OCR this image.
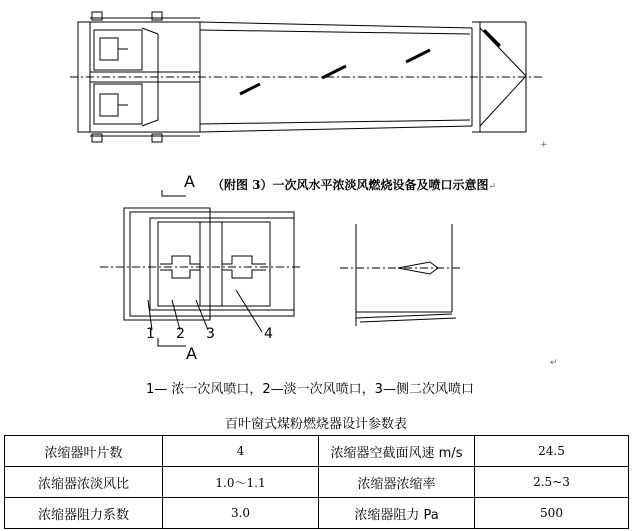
+
A （附图 3）一次风水平浓淡风燃烧设备及喷口示意图↵
1 2 3	4
A	↵
1— 浓一次风喷口，2—淡一次风喷口，3—侧二次风喷口
百叶窗式煤粉燃烧器设计参数表
浓缩器叶片数	4	浓缩器空截面风速 m/s	24.5
浓缩器浓淡风比	1.0～1.1	浓缩器浓缩率	2.5~3
浓缩器阻力系数	3.0	浓缩器阻力 Pa	500
